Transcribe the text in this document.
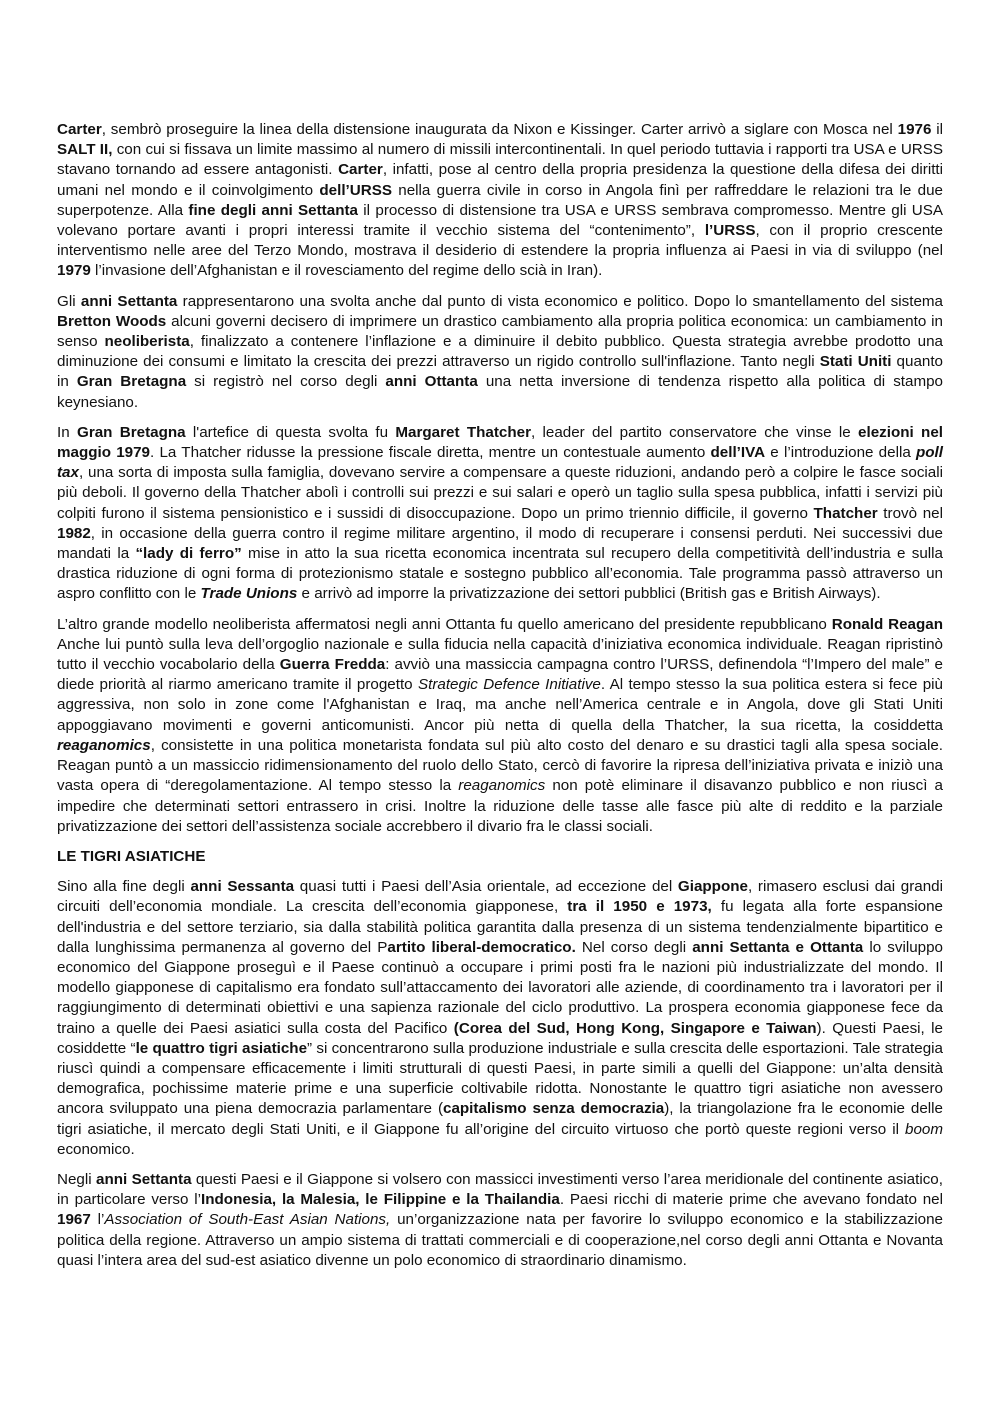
Carter, sembrò proseguire la linea della distensione inaugurata da Nixon e Kissinger. Carter arrivò a siglare con Mosca nel 1976 il SALT II, con cui si fissava un limite massimo al numero di missili intercontinentali. In quel periodo tuttavia i rapporti tra USA e URSS stavano tornando ad essere antagonisti. Carter, infatti, pose al centro della propria presidenza la questione della difesa dei diritti umani nel mondo e il coinvolgimento dell’URSS nella guerra civile in corso in Angola finì per raffreddare le relazioni tra le due superpotenze. Alla fine degli anni Settanta il processo di distensione tra USA e URSS sembrava compromesso. Mentre gli USA volevano portare avanti i propri interessi tramite il vecchio sistema del “contenimento”, l’URSS, con il proprio crescente interventismo nelle aree del Terzo Mondo, mostrava il desiderio di estendere la propria influenza ai Paesi in via di sviluppo (nel 1979 l’invasione dell’Afghanistan e il rovesciamento del regime dello scià in Iran).

Gli anni Settanta rappresentarono una svolta anche dal punto di vista economico e politico. Dopo lo smantellamento del sistema Bretton Woods alcuni governi decisero di imprimere un drastico cambiamento alla propria politica economica: un cambiamento in senso neoliberista, finalizzato a contenere l’inflazione e a diminuire il debito pubblico. Questa strategia avrebbe prodotto una diminuzione dei consumi e limitato la crescita dei prezzi attraverso un rigido controllo sull'inflazione. Tanto negli Stati Uniti quanto in Gran Bretagna si registrò nel corso degli anni Ottanta una netta inversione di tendenza rispetto alla politica di stampo keynesiano.

In Gran Bretagna l'artefice di questa svolta fu Margaret Thatcher, leader del partito conservatore che vinse le elezioni nel maggio 1979. La Thatcher ridusse la pressione fiscale diretta, mentre un contestuale aumento dell’IVA e l’introduzione della poll tax, una sorta di imposta sulla famiglia, dovevano servire a compensare a queste riduzioni, andando però a colpire le fasce sociali più deboli. Il governo della Thatcher abolì i controlli sui prezzi e sui salari e operò un taglio sulla spesa pubblica, infatti i servizi più colpiti furono il sistema pensionistico e i sussidi di disoccupazione. Dopo un primo triennio difficile, il governo Thatcher trovò nel 1982, in occasione della guerra contro il regime militare argentino, il modo di recuperare i consensi perduti. Nei successivi due mandati la “lady di ferro” mise in atto la sua ricetta economica incentrata sul recupero della competitività dell’industria e sulla drastica riduzione di ogni forma di protezionismo statale e sostegno pubblico all’economia. Tale programma passò attraverso un aspro conflitto con le Trade Unions e arrivò ad imporre la privatizzazione dei settori pubblici (British gas e British Airways).

L’altro grande modello neoliberista affermatosi negli anni Ottanta fu quello americano del presidente repubblicano Ronald Reagan Anche lui puntò sulla leva dell’orgoglio nazionale e sulla fiducia nella capacità d’iniziativa economica individuale. Reagan ripristinò tutto il vecchio vocabolario della Guerra Fredda: avviò una massiccia campagna contro l’URSS, definendola “l’Impero del male” e diede priorità al riarmo americano tramite il progetto Strategic Defence Initiative. Al tempo stesso la sua politica estera si fece più aggressiva, non solo in zone come l'Afghanistan e Iraq, ma anche nell’America centrale e in Angola, dove gli Stati Uniti appoggiavano movimenti e governi anticomunisti. Ancor più netta di quella della Thatcher, la sua ricetta, la cosiddetta reaganomics, consistette in una politica monetarista fondata sul più alto costo del denaro e su drastici tagli alla spesa sociale. Reagan puntò a un massiccio ridimensionamento del ruolo dello Stato, cercò di favorire la ripresa dell’iniziativa privata e iniziò una vasta opera di “deregolamentazione. Al tempo stesso la reaganomics non potè eliminare il disavanzo pubblico e non riuscì a impedire che determinati settori entrassero in crisi. Inoltre la riduzione delle tasse alle fasce più alte di reddito e la parziale privatizzazione dei settori dell’assistenza sociale accrebbero il divario fra le classi sociali.

LE TIGRI ASIATICHE

Sino alla fine degli anni Sessanta quasi tutti i Paesi dell’Asia orientale, ad eccezione del Giappone, rimasero esclusi dai grandi circuiti dell’economia mondiale. La crescita dell’economia giapponese, tra il 1950 e 1973, fu legata alla forte espansione dell'industria e del settore terziario, sia dalla stabilità politica garantita dalla presenza di un sistema tendenzialmente bipartitico e dalla lunghissima permanenza al governo del Partito liberal-democratico. Nel corso degli anni Settanta e Ottanta lo sviluppo economico del Giappone proseguì e il Paese continuò a occupare i primi posti fra le nazioni più industrializzate del mondo. Il modello giapponese di capitalismo era fondato sull’attaccamento dei lavoratori alle aziende, di coordinamento tra i lavoratori per il raggiungimento di determinati obiettivi e una sapienza razionale del ciclo produttivo. La prospera economia giapponese fece da traino a quelle dei Paesi asiatici sulla costa del Pacifico (Corea del Sud, Hong Kong, Singapore e Taiwan). Questi Paesi, le cosiddette “le quattro tigri asiatiche” si concentrarono sulla produzione industriale e sulla crescita delle esportazioni. Tale strategia riuscì quindi a compensare efficacemente i limiti strutturali di questi Paesi, in parte simili a quelli del Giappone: un’alta densità demografica, pochissime materie prime e una superficie coltivabile ridotta. Nonostante le quattro tigri asiatiche non avessero ancora sviluppato una piena democrazia parlamentare (capitalismo senza democrazia), la triangolazione fra le economie delle tigri asiatiche, il mercato degli Stati Uniti, e il Giappone fu all’origine del circuito virtuoso che portò queste regioni verso il boom economico.

Negli anni Settanta questi Paesi e il Giappone si volsero con massicci investimenti verso l’area meridionale del continente asiatico, in particolare verso l’Indonesia, la Malesia, le Filippine e la Thailandia. Paesi ricchi di materie prime che avevano fondato nel 1967 l’Association of South-East Asian Nations, un’organizzazione nata per favorire lo sviluppo economico e la stabilizzazione politica della regione. Attraverso un ampio sistema di trattati commerciali e di cooperazione,nel corso degli anni Ottanta e Novanta quasi l’intera area del sud-est asiatico divenne un polo economico di straordinario dinamismo.
